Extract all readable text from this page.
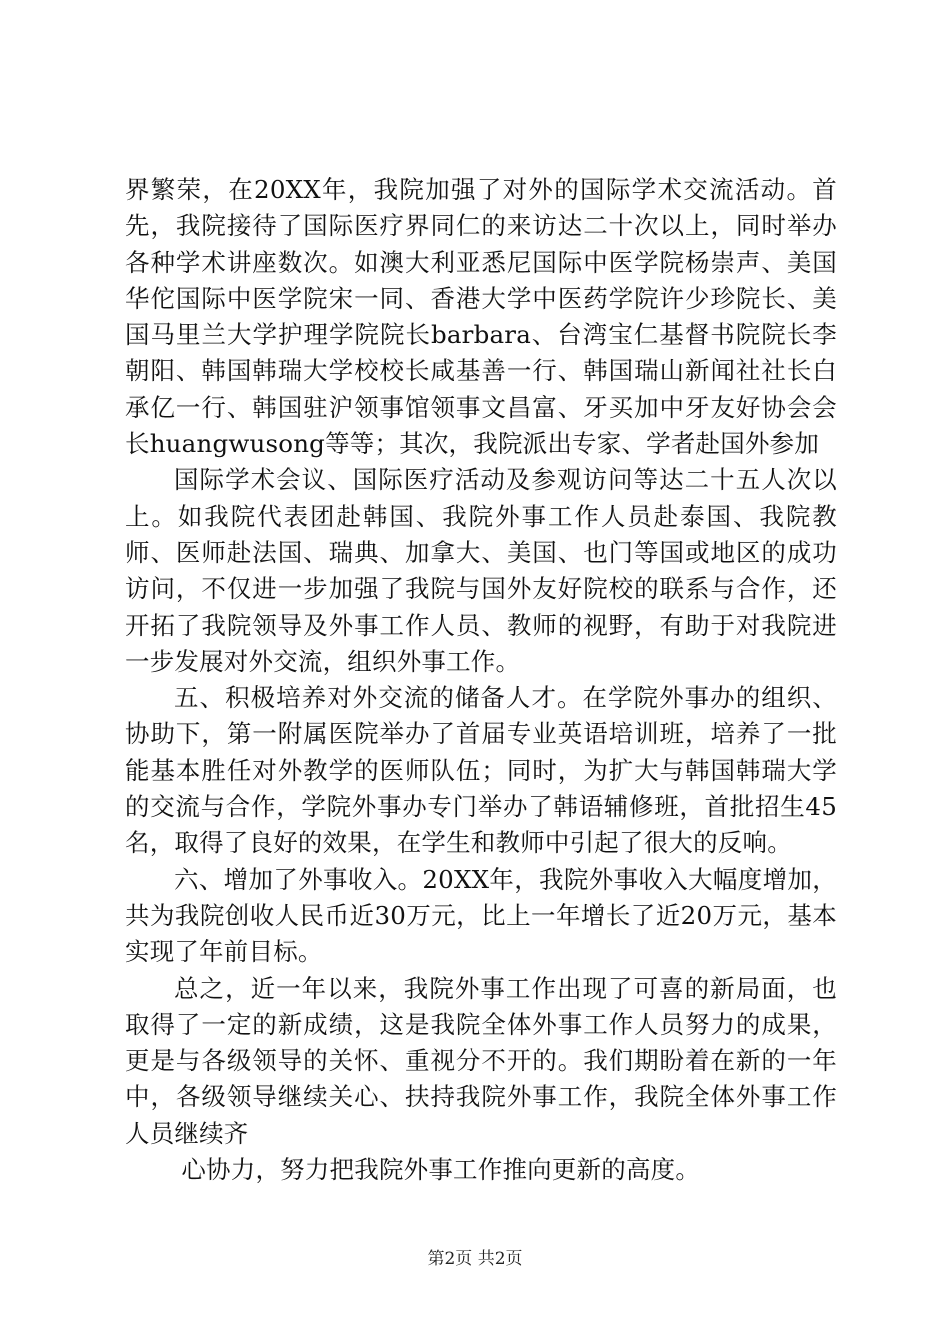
界繁荣，在20XX年，我院加强了对外的国际学术交流活动。首先，我院接待了国际医疗界同仁的来访达二十次以上，同时举办各种学术讲座数次。如澳大利亚悉尼国际中医学院杨崇声、美国华佗国际中医学院宋一同、香港大学中医药学院许少珍院长、美国马里兰大学护理学院院长barbara、台湾宝仁基督书院院长李朝阳、韩国韩瑞大学校校长咸基善一行、韩国瑞山新闻社社长白承亿一行、韩国驻沪领事馆领事文昌富、牙买加中牙友好协会会长huangwusong等等；其次，我院派出专家、学者赴国外参加

国际学术会议、国际医疗活动及参观访问等达二十五人次以上。如我院代表团赴韩国、我院外事工作人员赴泰国、我院教师、医师赴法国、瑞典、加拿大、美国、也门等国或地区的成功访问，不仅进一步加强了我院与国外友好院校的联系与合作，还开拓了我院领导及外事工作人员、教师的视野，有助于对我院进一步发展对外交流，组织外事工作。

五、积极培养对外交流的储备人才。在学院外事办的组织、协助下，第一附属医院举办了首届专业英语培训班，培养了一批能基本胜任对外教学的医师队伍；同时，为扩大与韩国韩瑞大学的交流与合作，学院外事办专门举办了韩语辅修班，首批招生45名，取得了良好的效果，在学生和教师中引起了很大的反响。

六、增加了外事收入。20XX年，我院外事收入大幅度增加，共为我院创收人民币近30万元，比上一年增长了近20万元，基本实现了年前目标。

总之，近一年以来，我院外事工作出现了可喜的新局面，也取得了一定的新成绩，这是我院全体外事工作人员努力的成果，更是与各级领导的关怀、重视分不开的。我们期盼着在新的一年中，各级领导继续关心、扶持我院外事工作，我院全体外事工作人员继续齐

心协力，努力把我院外事工作推向更新的高度。

第2页 共2页
